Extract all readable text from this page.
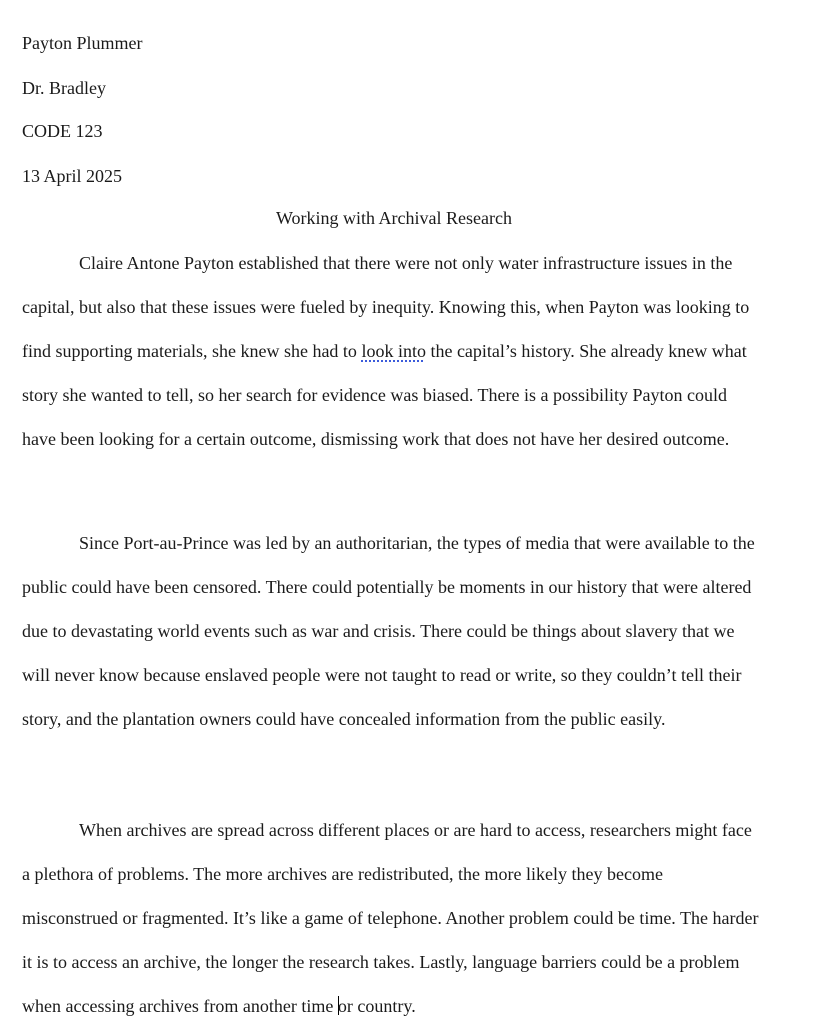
Payton Plummer
Dr. Bradley
CODE 123
13 April 2025
Working with Archival Research

Claire Antone Payton established that there were not only water infrastructure issues in the capital, but also that these issues were fueled by inequity. Knowing this, when Payton was looking to find supporting materials, she knew she had to look into the capital’s history. She already knew what story she wanted to tell, so her search for evidence was biased. There is a possibility Payton could have been looking for a certain outcome, dismissing work that does not have her desired outcome.

Since Port-au-Prince was led by an authoritarian, the types of media that were available to the public could have been censored. There could potentially be moments in our history that were altered due to devastating world events such as war and crisis. There could be things about slavery that we will never know because enslaved people were not taught to read or write, so they couldn’t tell their story, and the plantation owners could have concealed information from the public easily.

When archives are spread across different places or are hard to access, researchers might face a plethora of problems. The more archives are redistributed, the more likely they become misconstrued or fragmented. It’s like a game of telephone. Another problem could be time. The harder it is to access an archive, the longer the research takes. Lastly, language barriers could be a problem when accessing archives from another time or country.
